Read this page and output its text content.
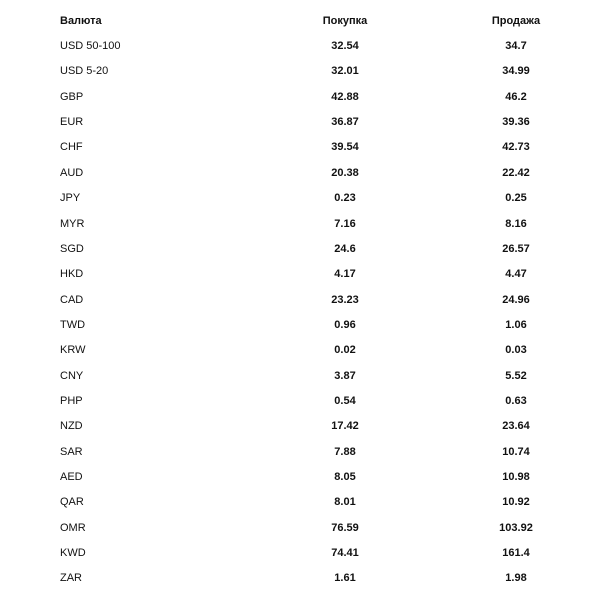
Валюта	Покупка	Продажа
USD 50-100	32.54	34.7
USD 5-20	32.01	34.99
GBP	42.88	46.2
EUR	36.87	39.36
CHF	39.54	42.73
AUD	20.38	22.42
JPY	0.23	0.25
MYR	7.16	8.16
SGD	24.6	26.57
HKD	4.17	4.47
CAD	23.23	24.96
TWD	0.96	1.06
KRW	0.02	0.03
CNY	3.87	5.52
PHP	0.54	0.63
NZD	17.42	23.64
SAR	7.88	10.74
AED	8.05	10.98
QAR	8.01	10.92
OMR	76.59	103.92
KWD	74.41	161.4
ZAR	1.61	1.98
